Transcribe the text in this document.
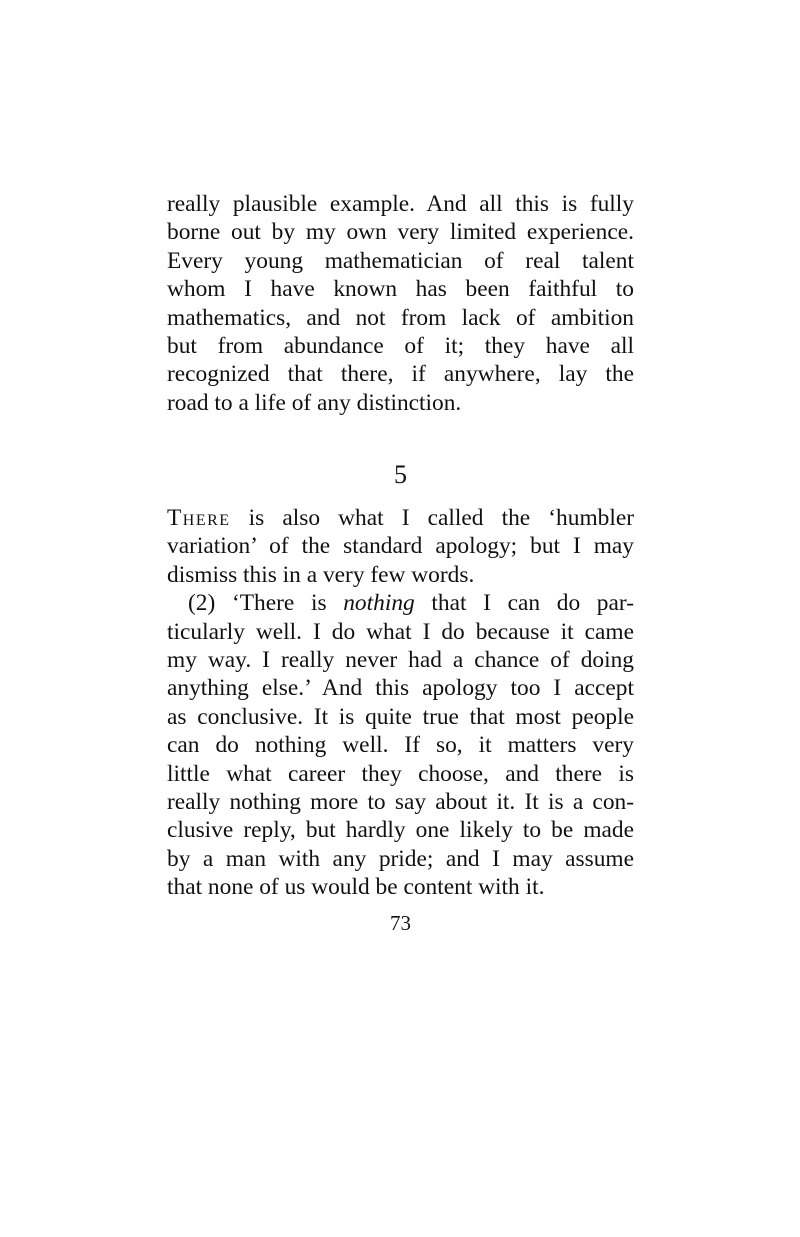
really plausible example. And all this is fully
borne out by my own very limited experience.
Every young mathematician of real talent
whom I have known has been faithful to
mathematics, and not from lack of ambition
but from abundance of it; they have all
recognized that there, if anywhere, lay the
road to a life of any distinction.
5
There is also what I called the ‘humbler
variation’ of the standard apology; but I may
dismiss this in a very few words.
(2) ‘There is nothing that I can do par-
ticularly well. I do what I do because it came
my way. I really never had a chance of doing
anything else.’ And this apology too I accept
as conclusive. It is quite true that most people
can do nothing well. If so, it matters very
little what career they choose, and there is
really nothing more to say about it. It is a con-
clusive reply, but hardly one likely to be made
by a man with any pride; and I may assume
that none of us would be content with it.
73
